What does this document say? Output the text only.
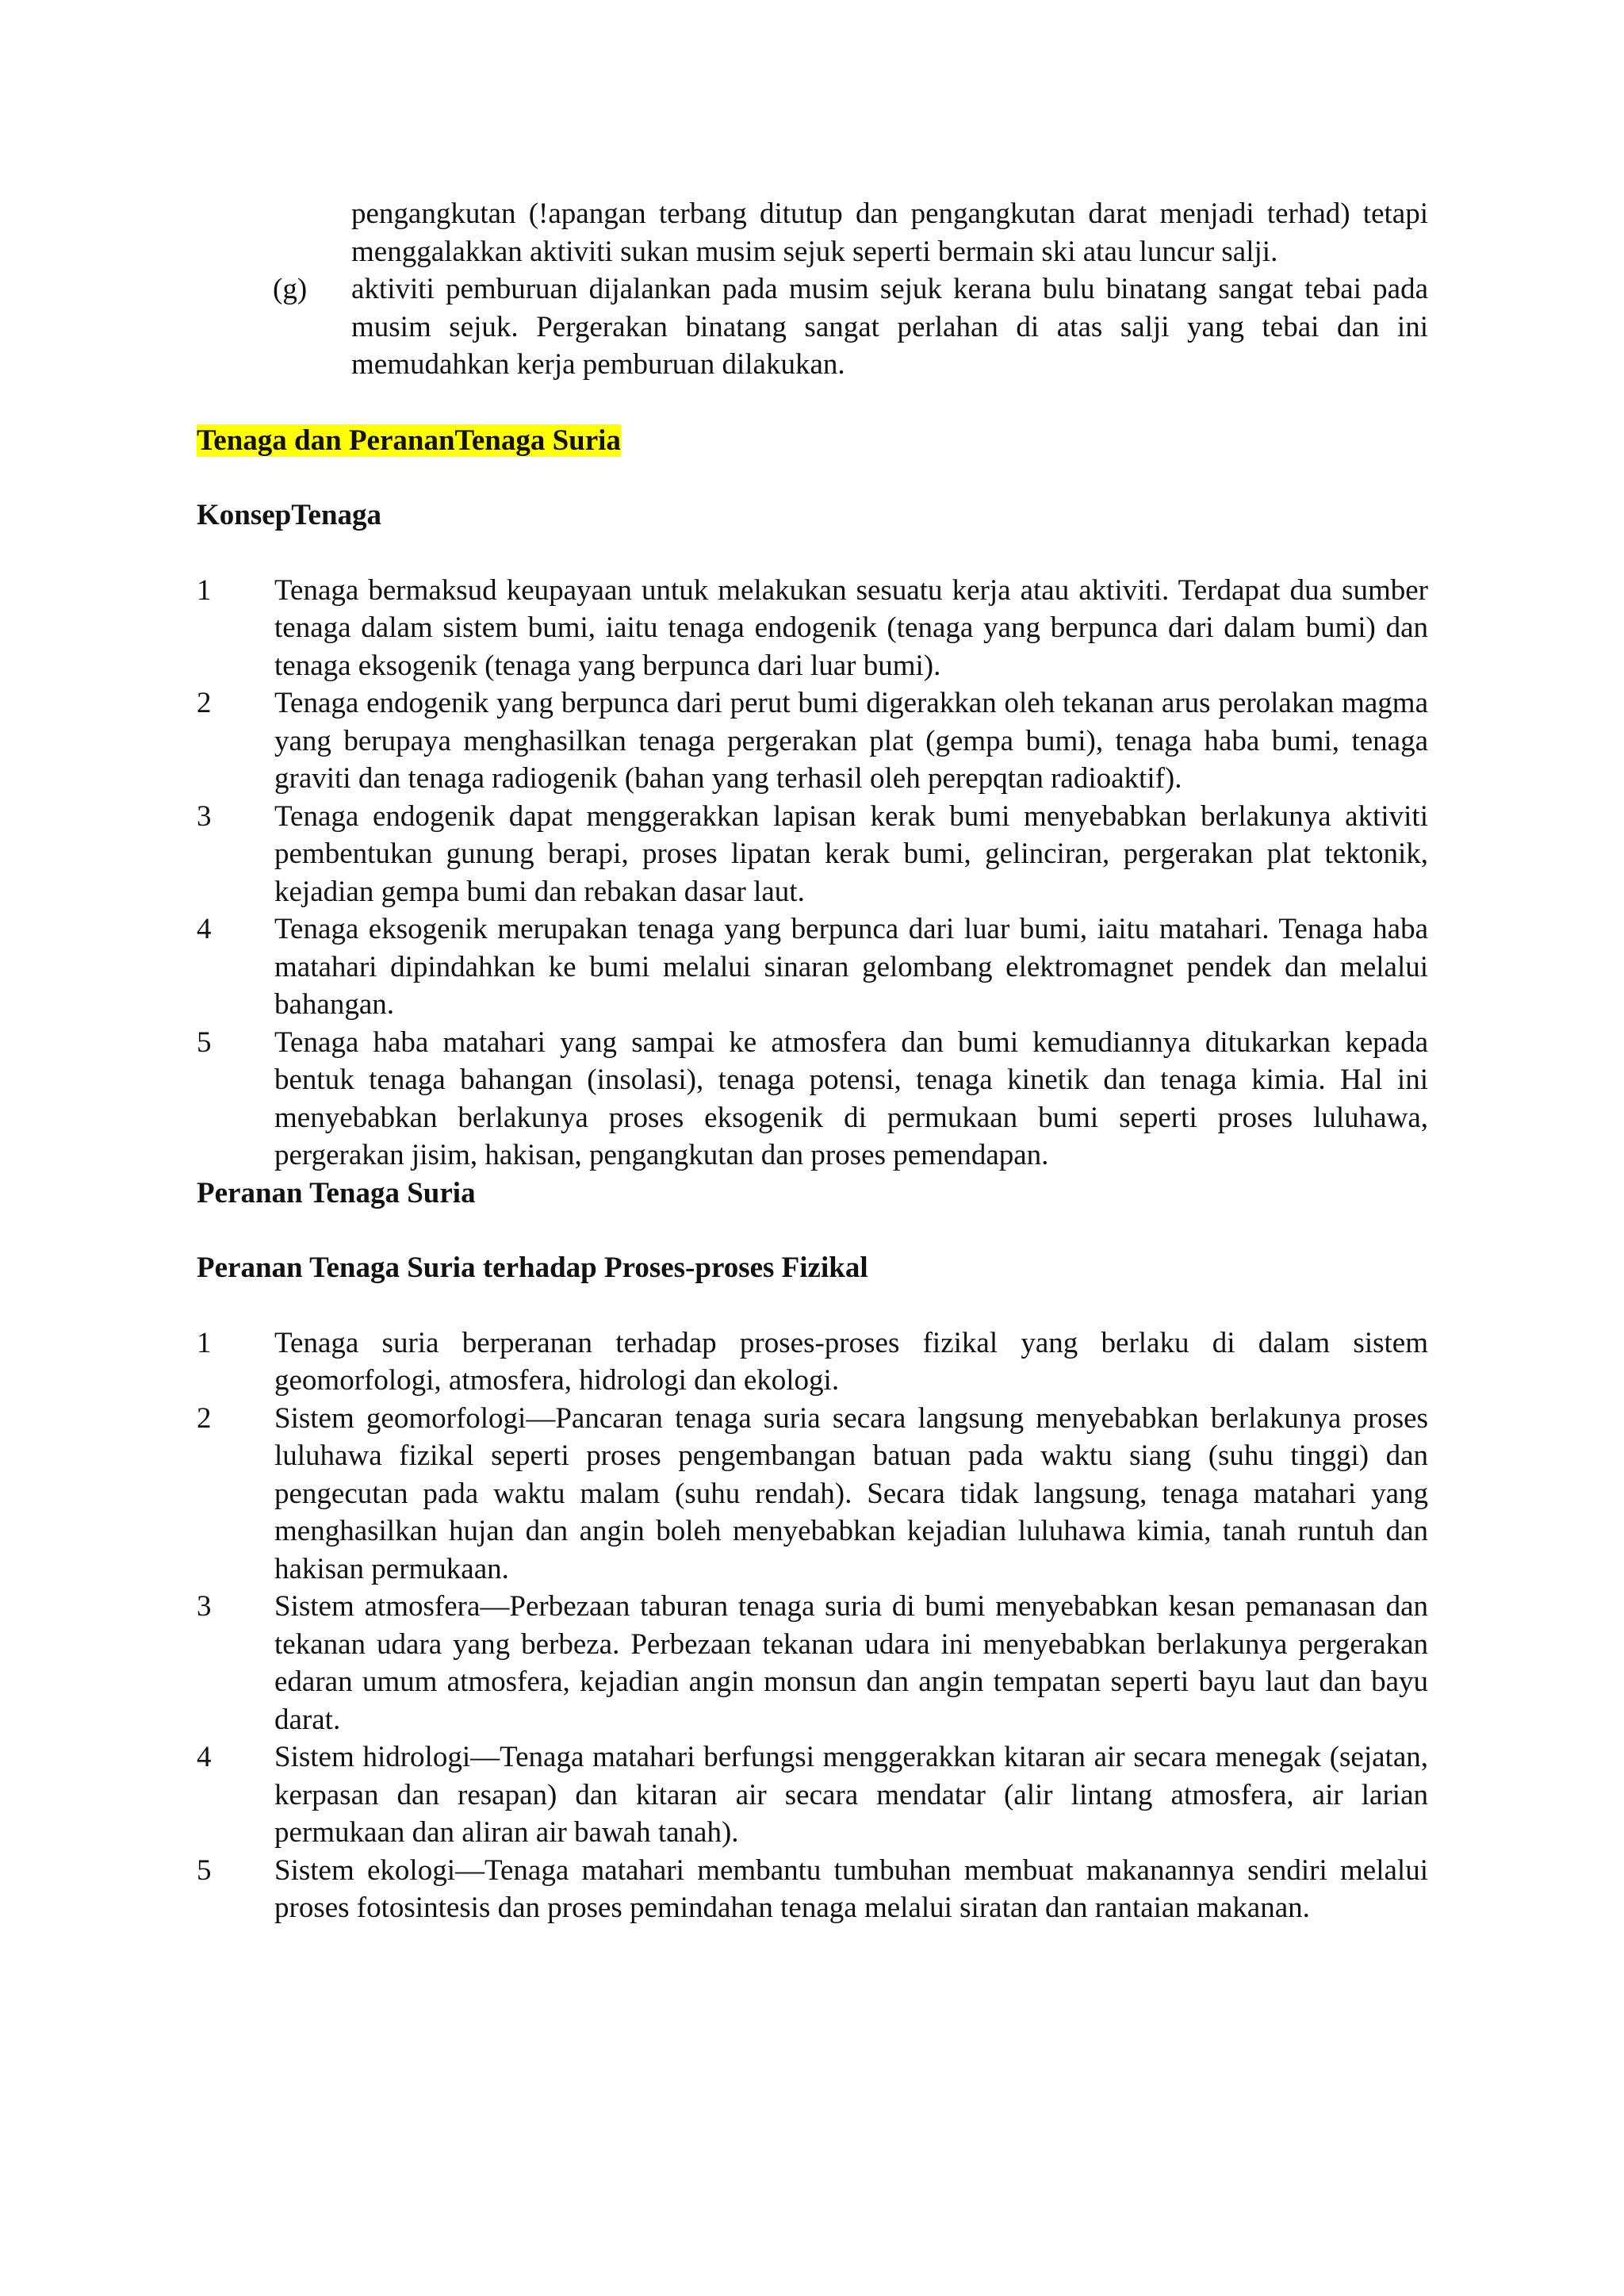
pengangkutan (!apangan terbang ditutup dan pengangkutan darat menjadi terhad) tetapi menggalakkan aktiviti sukan musim sejuk seperti bermain ski atau luncur salji.
(g) aktiviti pemburuan dijalankan pada musim sejuk kerana bulu binatang sangat tebai pada musim sejuk. Pergerakan binatang sangat perlahan di atas salji yang tebai dan ini memudahkan kerja pemburuan dilakukan.
Tenaga dan PerananTenaga Suria
KonsepTenaga
1 Tenaga bermaksud keupayaan untuk melakukan sesuatu kerja atau aktiviti. Terdapat dua sumber tenaga dalam sistem bumi, iaitu tenaga endogenik (tenaga yang berpunca dari dalam bumi) dan tenaga eksogenik (tenaga yang berpunca dari luar bumi).
2 Tenaga endogenik yang berpunca dari perut bumi digerakkan oleh tekanan arus perolakan magma yang berupaya menghasilkan tenaga pergerakan plat (gempa bumi), tenaga haba bumi, tenaga graviti dan tenaga radiogenik (bahan yang terhasil oleh perepqtan radioaktif).
3 Tenaga endogenik dapat menggerakkan lapisan kerak bumi menyebabkan berlakunya aktiviti pembentukan gunung berapi, proses lipatan kerak bumi, gelinciran, pergerakan plat tektonik, kejadian gempa bumi dan rebakan dasar laut.
4 Tenaga eksogenik merupakan tenaga yang berpunca dari luar bumi, iaitu matahari. Tenaga haba matahari dipindahkan ke bumi melalui sinaran gelombang elektromagnet pendek dan melalui bahangan.
5 Tenaga haba matahari yang sampai ke atmosfera dan bumi kemudiannya ditukarkan kepada bentuk tenaga bahangan (insolasi), tenaga potensi, tenaga kinetik dan tenaga kimia. Hal ini menyebabkan berlakunya proses eksogenik di permukaan bumi seperti proses luluhawa, pergerakan jisim, hakisan, pengangkutan dan proses pemendapan.
Peranan Tenaga Suria
Peranan Tenaga Suria terhadap Proses-proses Fizikal
1 Tenaga suria berperanan terhadap proses-proses fizikal yang berlaku di dalam sistem geomorfologi, atmosfera, hidrologi dan ekologi.
2 Sistem geomorfologi—Pancaran tenaga suria secara langsung menyebabkan berlakunya proses luluhawa fizikal seperti proses pengembangan batuan pada waktu siang (suhu tinggi) dan pengecutan pada waktu malam (suhu rendah). Secara tidak langsung, tenaga matahari yang menghasilkan hujan dan angin boleh menyebabkan kejadian luluhawa kimia, tanah runtuh dan hakisan permukaan.
3 Sistem atmosfera—Perbezaan taburan tenaga suria di bumi menyebabkan kesan pemanasan dan tekanan udara yang berbeza. Perbezaan tekanan udara ini menyebabkan berlakunya pergerakan edaran umum atmosfera, kejadian angin monsun dan angin tempatan seperti bayu laut dan bayu darat.
4 Sistem hidrologi—Tenaga matahari berfungsi menggerakkan kitaran air secara menegak (sejatan, kerpasan dan resapan) dan kitaran air secara mendatar (alir lintang atmosfera, air larian permukaan dan aliran air bawah tanah).
5 Sistem ekologi—Tenaga matahari membantu tumbuhan membuat makanannya sendiri melalui proses fotosintesis dan proses pemindahan tenaga melalui siratan dan rantaian makanan.
